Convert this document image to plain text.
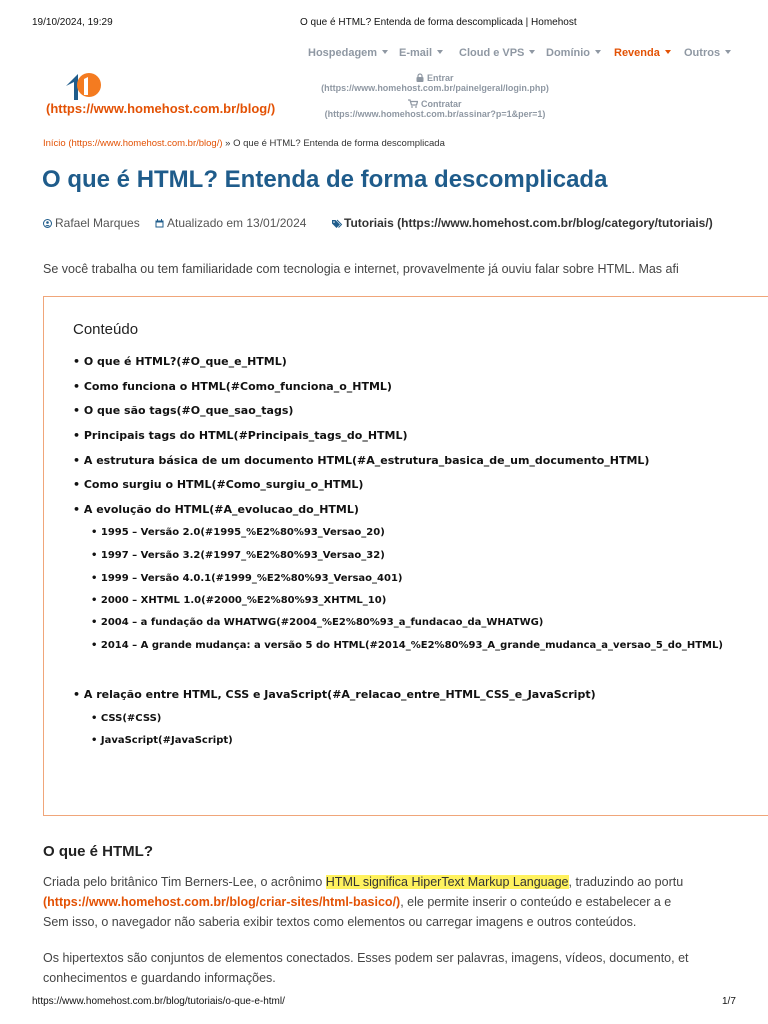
19/10/2024, 19:29	O que é HTML? Entenda de forma descomplicada | Homehost
(https://www.homehost.com.br/blog/)
Hospedagem	E-mail	Cloud e VPS	Domínio	Revenda	Outros
Entrar
(https://www.homehost.com.br/painelgeral/login.php)
Contratar
(https://www.homehost.com.br/assinar?p=1&per=1)
Início (https://www.homehost.com.br/blog/) » O que é HTML? Entenda de forma descomplicada
O que é HTML? Entenda de forma descomplicada
Rafael Marques	Atualizado em 13/01/2024	Tutoriais (https://www.homehost.com.br/blog/category/tutoriais/)
Se você trabalha ou tem familiaridade com tecnologia e internet, provavelmente já ouviu falar sobre HTML. Mas afi
Conteúdo
• O que é HTML?(#O_que_e_HTML)
• Como funciona o HTML(#Como_funciona_o_HTML)
• O que são tags(#O_que_sao_tags)
• Principais tags do HTML(#Principais_tags_do_HTML)
• A estrutura básica de um documento HTML(#A_estrutura_basica_de_um_documento_HTML)
• Como surgiu o HTML(#Como_surgiu_o_HTML)
• A evolução do HTML(#A_evolucao_do_HTML)
• 1995 – Versão 2.0(#1995_%E2%80%93_Versao_20)
• 1997 – Versão 3.2(#1997_%E2%80%93_Versao_32)
• 1999 – Versão 4.0.1(#1999_%E2%80%93_Versao_401)
• 2000 – XHTML 1.0(#2000_%E2%80%93_XHTML_10)
• 2004 – a fundação da WHATWG(#2004_%E2%80%93_a_fundacao_da_WHATWG)
• 2014 – A grande mudança: a versão 5 do HTML(#2014_%E2%80%93_A_grande_mudanca_a_versao_5_do_HTML)
• A relação entre HTML, CSS e JavaScript(#A_relacao_entre_HTML_CSS_e_JavaScript)
• CSS(#CSS)
• JavaScript(#JavaScript)
O que é HTML?
Criada pelo britânico Tim Berners-Lee, o acrônimo HTML significa HiperText Markup Language, traduzindo ao portu
(https://www.homehost.com.br/blog/criar-sites/html-basico/), ele permite inserir o conteúdo e estabelecer a e
Sem isso, o navegador não saberia exibir textos como elementos ou carregar imagens e outros conteúdos.
Os hipertextos são conjuntos de elementos conectados. Esses podem ser palavras, imagens, vídeos, documento, et
conhecimentos e guardando informações.
https://www.homehost.com.br/blog/tutoriais/o-que-e-html/	1/7
